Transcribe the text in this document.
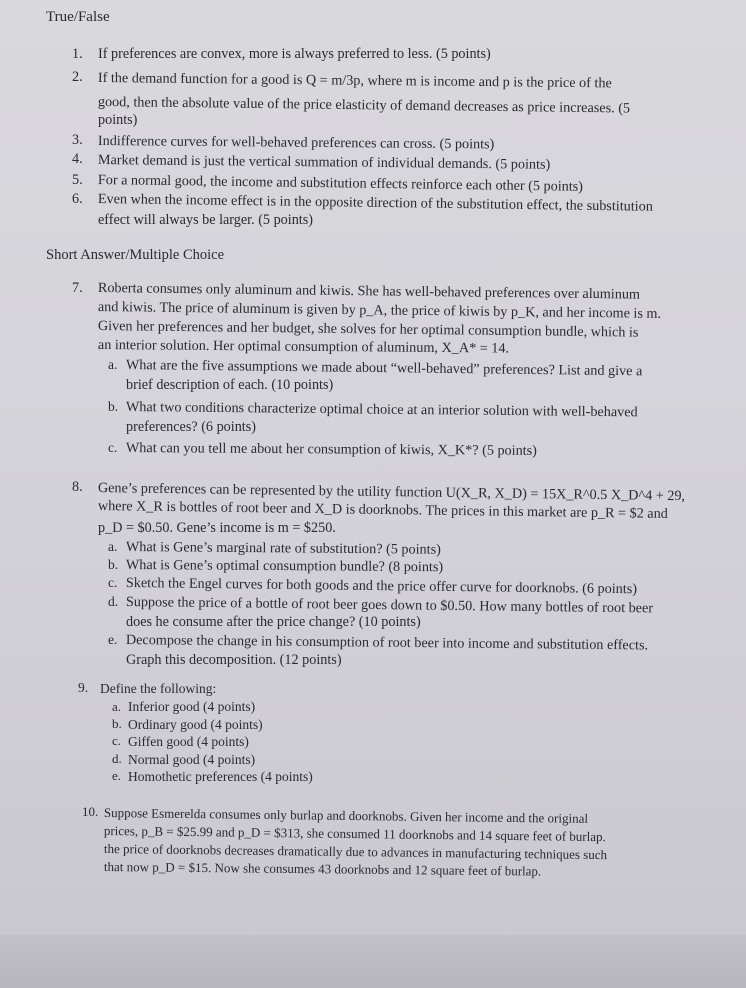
True/False
1. If preferences are convex, more is always preferred to less. (5 points)
2. If the demand function for a good is Q = m/3p, where m is income and p is the price of the
good, then the absolute value of the price elasticity of demand decreases as price increases. (5
points)
3. Indifference curves for well-behaved preferences can cross. (5 points)
4. Market demand is just the vertical summation of individual demands. (5 points)
5. For a normal good, the income and substitution effects reinforce each other (5 points)
6. Even when the income effect is in the opposite direction of the substitution effect, the substitution
effect will always be larger. (5 points)
Short Answer/Multiple Choice
7. Roberta consumes only aluminum and kiwis. She has well-behaved preferences over aluminum
and kiwis. The price of aluminum is given by p_A, the price of kiwis by p_K, and her income is m.
Given her preferences and her budget, she solves for her optimal consumption bundle, which is
an interior solution. Her optimal consumption of aluminum, X_A* = 14.
a. What are the five assumptions we made about “well-behaved” preferences? List and give a
brief description of each. (10 points)
b. What two conditions characterize optimal choice at an interior solution with well-behaved
preferences? (6 points)
c. What can you tell me about her consumption of kiwis, X_K*? (5 points)
8. Gene’s preferences can be represented by the utility function U(X_R, X_D) = 15X_R^0.5 X_D^4 + 29,
where X_R is bottles of root beer and X_D is doorknobs. The prices in this market are p_R = $2 and
p_D = $0.50. Gene’s income is m = $250.
a. What is Gene’s marginal rate of substitution? (5 points)
b. What is Gene’s optimal consumption bundle? (8 points)
c. Sketch the Engel curves for both goods and the price offer curve for doorknobs. (6 points)
d. Suppose the price of a bottle of root beer goes down to $0.50. How many bottles of root beer
does he consume after the price change? (10 points)
e. Decompose the change in his consumption of root beer into income and substitution effects.
Graph this decomposition. (12 points)
9. Define the following:
a. Inferior good (4 points)
b. Ordinary good (4 points)
c. Giffen good (4 points)
d. Normal good (4 points)
e. Homothetic preferences (4 points)
10. Suppose Esmerelda consumes only burlap and doorknobs. Given her income and the original
prices, p_B = $25.99 and p_D = $313, she consumed 11 doorknobs and 14 square feet of burlap.
the price of doorknobs decreases dramatically due to advances in manufacturing techniques such
that now p_D = $15. Now she consumes 43 doorknobs and 12 square feet of burlap.
